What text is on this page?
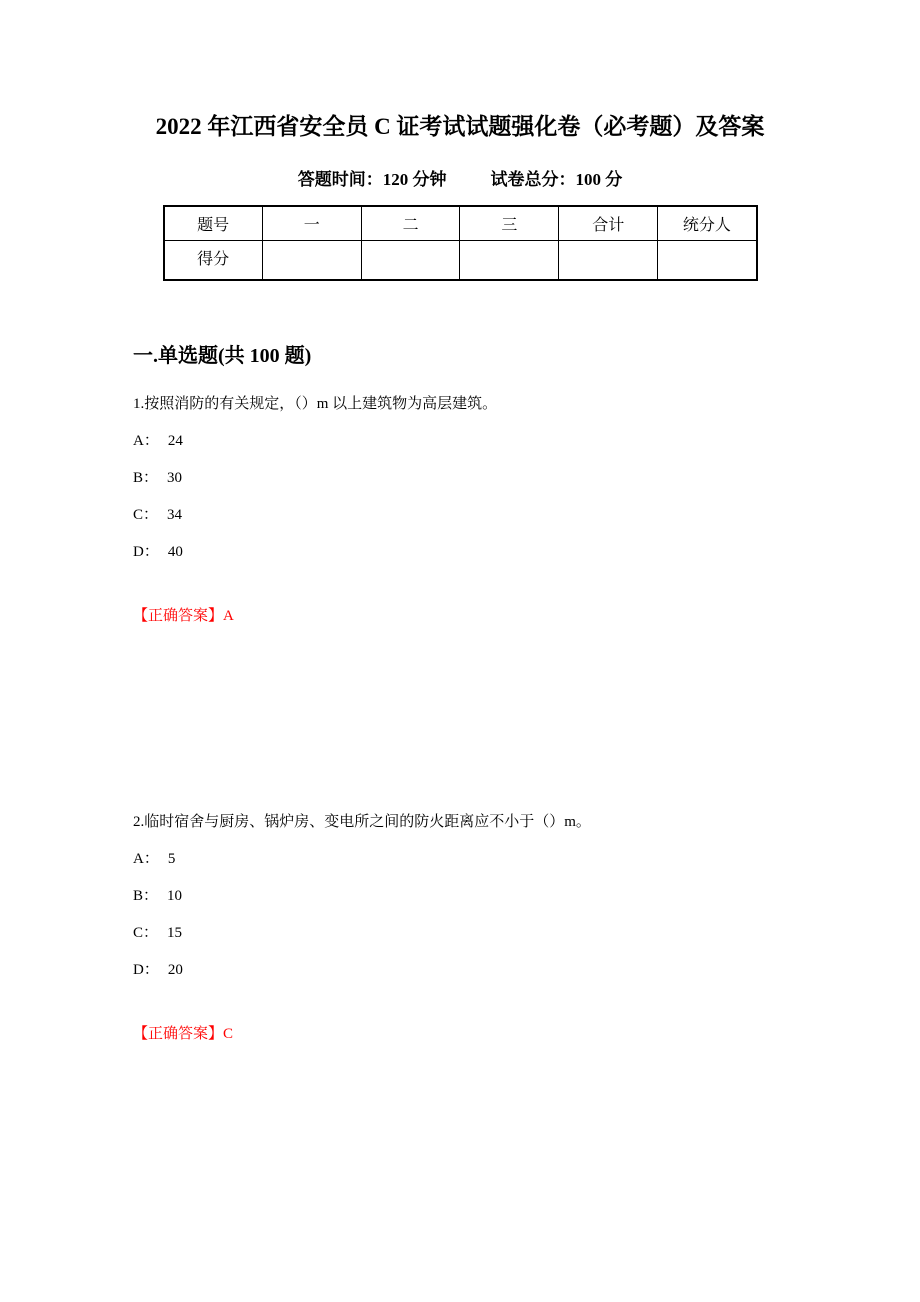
2022 年江西省安全员 C 证考试试题强化卷（必考题）及答案
答题时间：120 分钟	试卷总分：100 分
题号	一	二	三	合计	统分人
得分					
一.单选题(共 100 题)

1.按照消防的有关规定，（）m 以上建筑物为高层建筑。

A： 24

B： 30

C： 34

D： 40

【正确答案】A

2.临时宿舍与厨房、锅炉房、变电所之间的防火距离应不小于（）m。

A： 5

B： 10

C： 15

D： 20

【正确答案】C
